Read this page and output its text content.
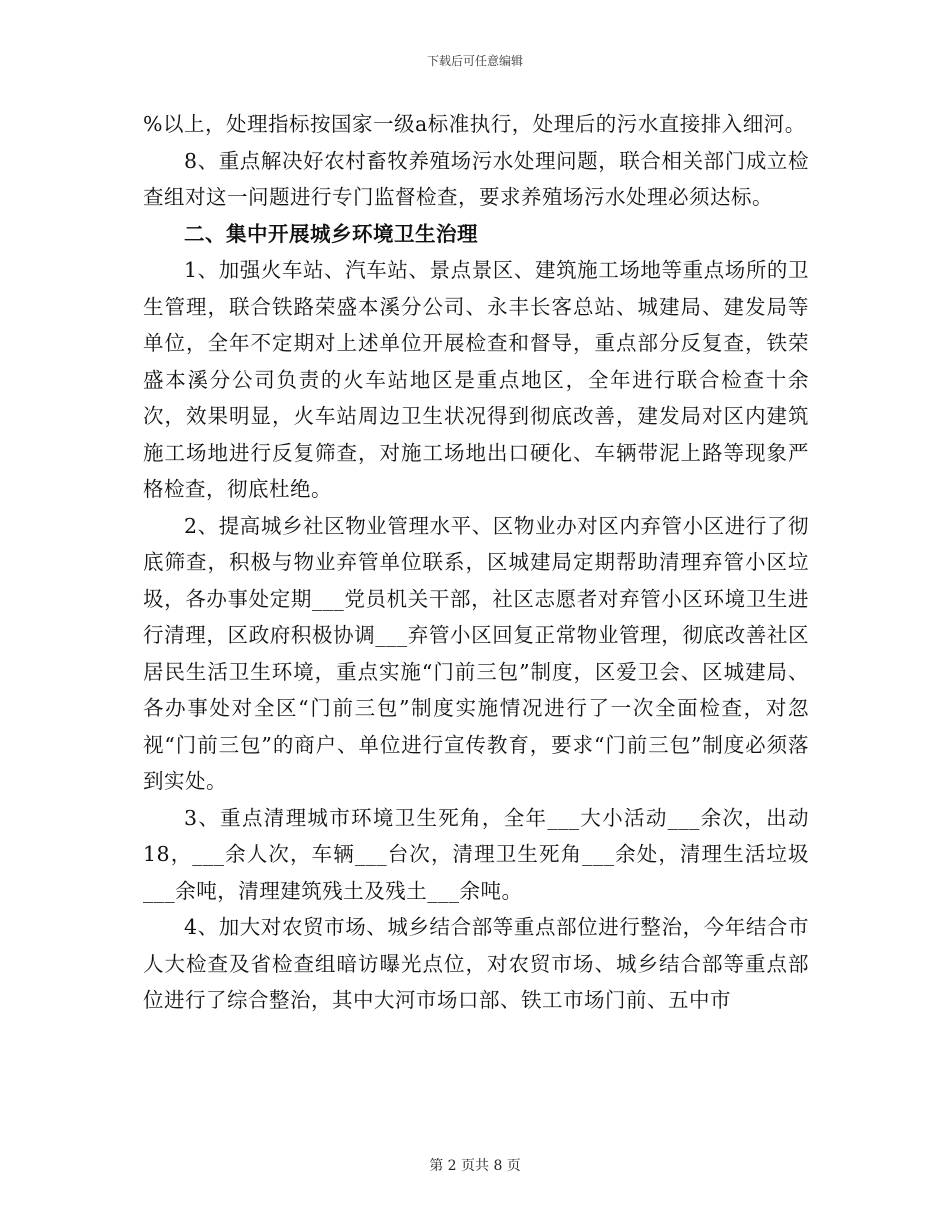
下载后可任意编辑

%以上，处理指标按国家一级a标准执行，处理后的污水直接排入细河。

8、重点解决好农村畜牧养殖场污水处理问题，联合相关部门成立检查组对这一问题进行专门监督检查，要求养殖场污水处理必须达标。

二、集中开展城乡环境卫生治理

1、加强火车站、汽车站、景点景区、建筑施工场地等重点场所的卫生管理，联合铁路荣盛本溪分公司、永丰长客总站、城建局、建发局等单位，全年不定期对上述单位开展检查和督导，重点部分反复查，铁荣盛本溪分公司负责的火车站地区是重点地区，全年进行联合检查十余次，效果明显，火车站周边卫生状况得到彻底改善，建发局对区内建筑施工场地进行反复筛查，对施工场地出口硬化、车辆带泥上路等现象严格检查，彻底杜绝。

2、提高城乡社区物业管理水平、区物业办对区内弃管小区进行了彻底筛查，积极与物业弃管单位联系，区城建局定期帮助清理弃管小区垃圾，各办事处定期___党员机关干部，社区志愿者对弃管小区环境卫生进行清理，区政府积极协调___弃管小区回复正常物业管理，彻底改善社区居民生活卫生环境，重点实施“门前三包”制度，区爱卫会、区城建局、各办事处对全区“门前三包”制度实施情况进行了一次全面检查，对忽视“门前三包”的商户、单位进行宣传教育，要求“门前三包”制度必须落到实处。

3、重点清理城市环境卫生死角，全年___大小活动___余次，出动18，___余人次，车辆___台次，清理卫生死角___余处，清理生活垃圾___余吨，清理建筑残土及残土___余吨。

4、加大对农贸市场、城乡结合部等重点部位进行整治，今年结合市人大检查及省检查组暗访曝光点位，对农贸市场、城乡结合部等重点部位进行了综合整治，其中大河市场口部、铁工市场门前、五中市

第 2 页共 8 页
